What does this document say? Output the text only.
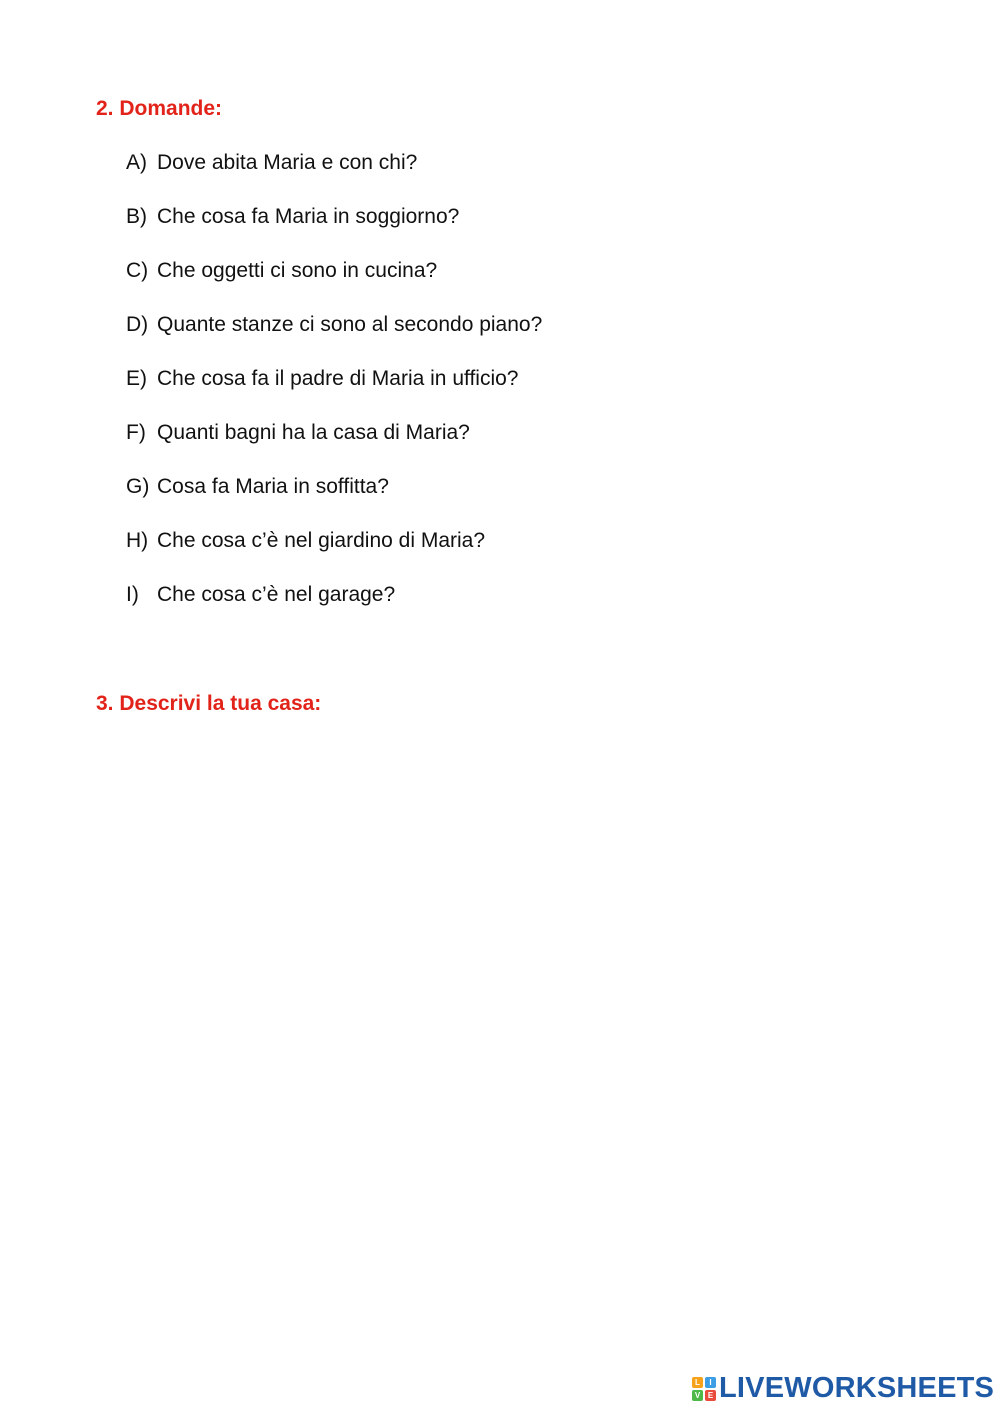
2. Domande:
A) Dove abita Maria e con chi?
B) Che cosa fa Maria in soggiorno?
C) Che oggetti ci sono in cucina?
D) Quante stanze ci sono al secondo piano?
E) Che cosa fa il padre di Maria in ufficio?
F) Quanti bagni ha la casa di Maria?
G) Cosa fa Maria in soffitta?
H) Che cosa c’è nel giardino di Maria?
I) Che cosa c’è nel garage?
3. Descrivi la tua casa:
L	I
V E LIVEWORKSHEETS
